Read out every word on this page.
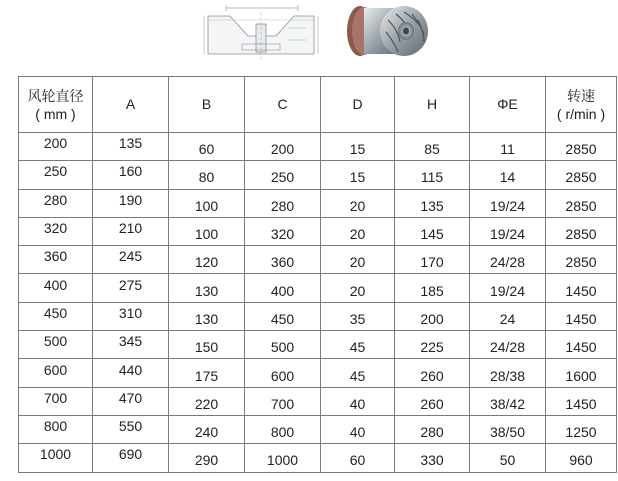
风轮直径
( mm )	A	B	C	D	H	ΦE	转速
( r/min )

200	135	60	200	15	85	11	2850
250	160	80	250	15	115	14	2850
280	190	100	280	20	135	19/24	2850
320	210	100	320	20	145	19/24	2850
360	245	120	360	20	170	24/28	2850
400	275	130	400	20	185	19/24	1450
450	310	130	450	35	200	24	1450
500	345	150	500	45	225	24/28	1450
600	440	175	600	45	260	28/38	1600
700	470	220	700	40	260	38/42	1450
800	550	240	800	40	280	38/50	1250
1000	690	290	1000	60	330	50	960
